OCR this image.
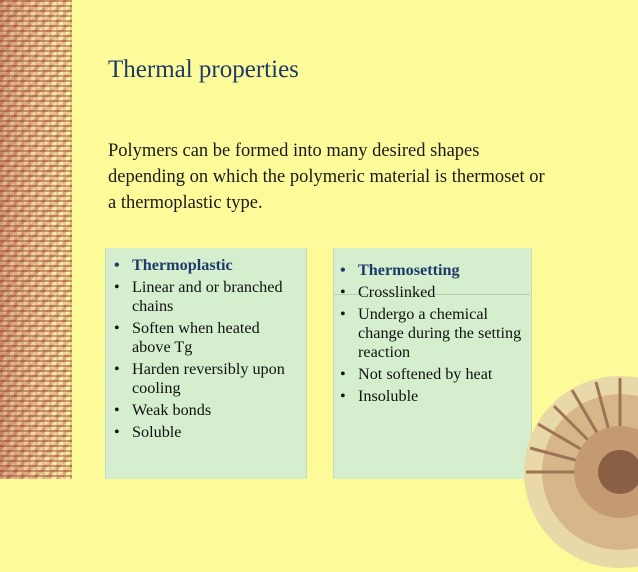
Thermal properties
Polymers can be formed into many desired shapes depending on which the polymeric material is thermoset or a thermoplastic type.
• Thermoplastic
• Linear and or branched chains
• Soften when heated above Tg
• Harden reversibly upon cooling
• Weak bonds
• Soluble
• Thermosetting
• Crosslinked
• Undergo a chemical change during the setting reaction
• Not softened by heat
• Insoluble
